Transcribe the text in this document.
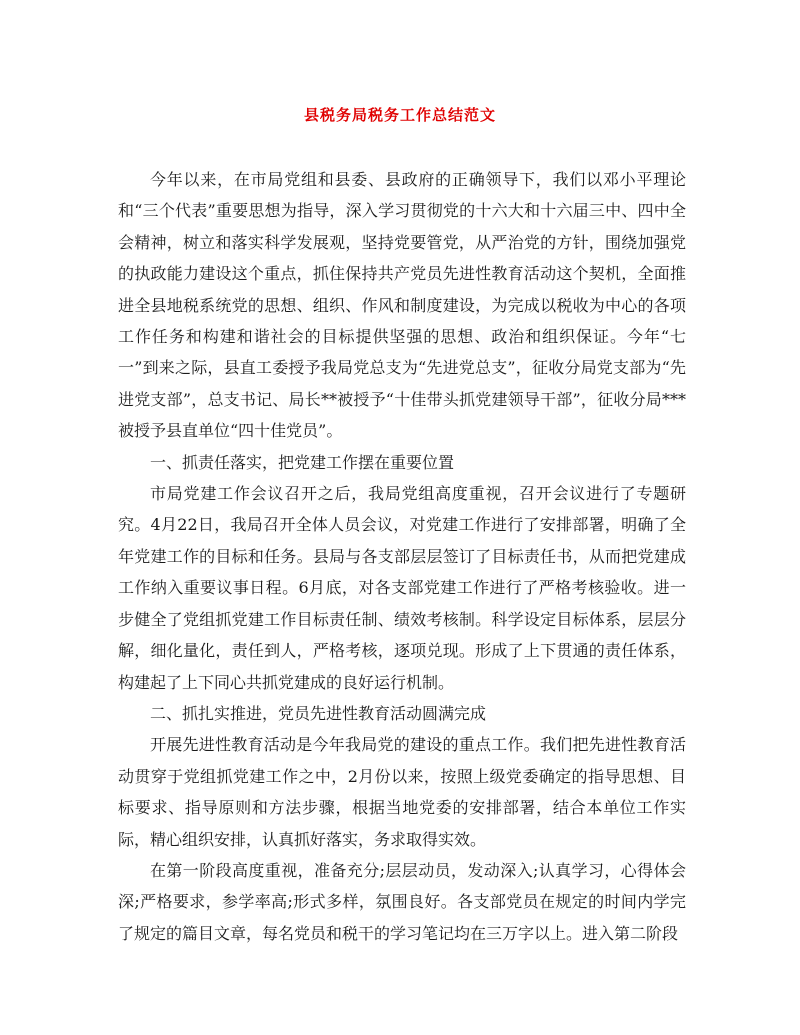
县税务局税务工作总结范文

今年以来，在市局党组和县委、县政府的正确领导下，我们以邓小平理论和“三个代表”重要思想为指导，深入学习贯彻党的十六大和十六届三中、四中全会精神，树立和落实科学发展观，坚持党要管党，从严治党的方针，围绕加强党的执政能力建设这个重点，抓住保持共产党员先进性教育活动这个契机，全面推进全县地税系统党的思想、组织、作风和制度建设，为完成以税收为中心的各项工作任务和构建和谐社会的目标提供坚强的思想、政治和组织保证。今年“七一”到来之际，县直工委授予我局党总支为“先进党总支”，征收分局党支部为“先进党支部”，总支书记、局长**被授予“十佳带头抓党建领导干部”，征收分局***被授予县直单位“四十佳党员”。

一、抓责任落实，把党建工作摆在重要位置

市局党建工作会议召开之后，我局党组高度重视，召开会议进行了专题研究。4月22日，我局召开全体人员会议，对党建工作进行了安排部署，明确了全年党建工作的目标和任务。县局与各支部层层签订了目标责任书，从而把党建成工作纳入重要议事日程。6月底，对各支部党建工作进行了严格考核验收。进一步健全了党组抓党建工作目标责任制、绩效考核制。科学设定目标体系，层层分解，细化量化，责任到人，严格考核，逐项兑现。形成了上下贯通的责任体系，构建起了上下同心共抓党建成的良好运行机制。

二、抓扎实推进，党员先进性教育活动圆满完成

开展先进性教育活动是今年我局党的建设的重点工作。我们把先进性教育活动贯穿于党组抓党建工作之中，2月份以来，按照上级党委确定的指导思想、目标要求、指导原则和方法步骤，根据当地党委的安排部署，结合本单位工作实际，精心组织安排，认真抓好落实，务求取得实效。

在第一阶段高度重视，准备充分;层层动员，发动深入;认真学习，心得体会深;严格要求，参学率高;形式多样，氛围良好。各支部党员在规定的时间内学完了规定的篇目文章，每名党员和税干的学习笔记均在三万字以上。进入第二阶段
